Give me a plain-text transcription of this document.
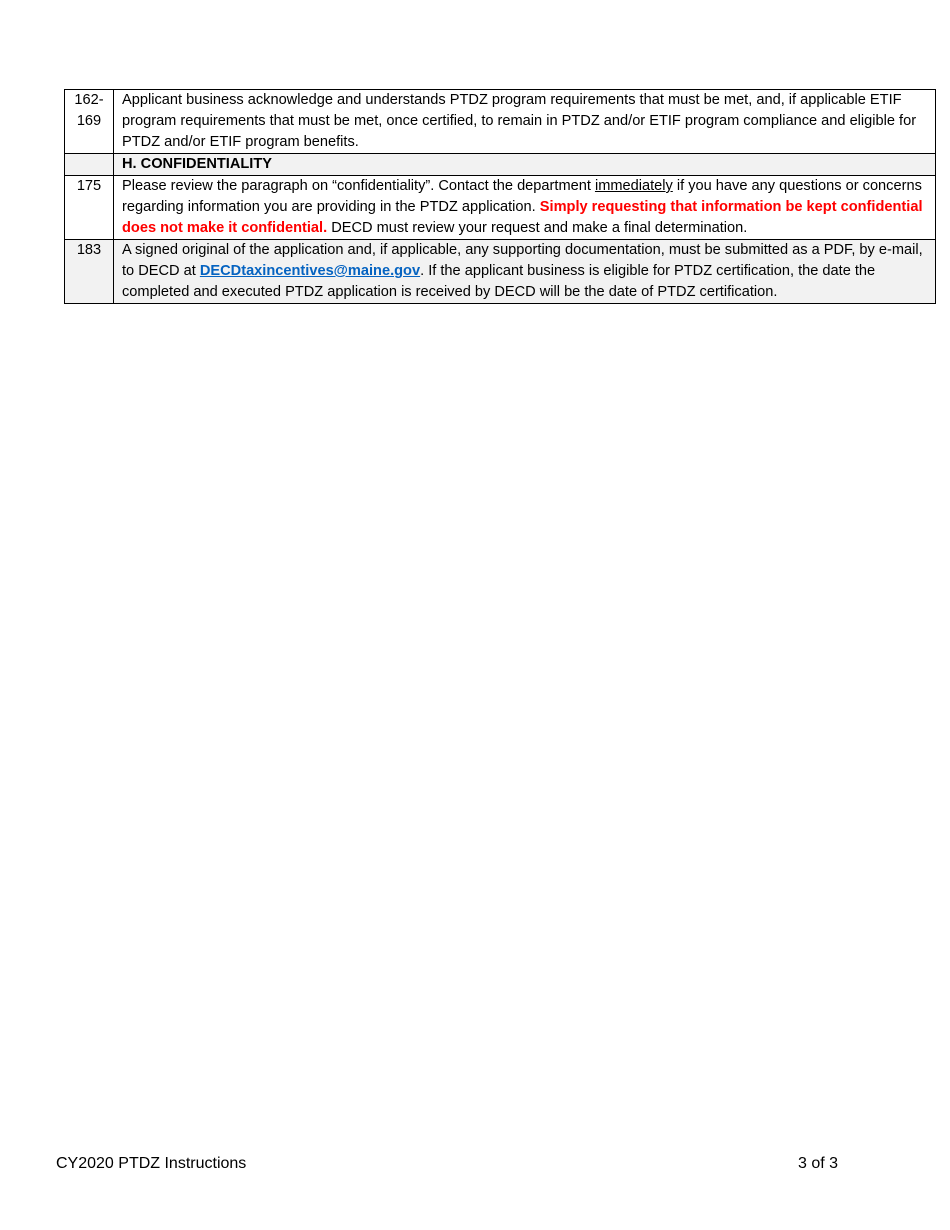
162-
169	Applicant business acknowledge and understands PTDZ program requirements that must be met, and, if applicable ETIF program requirements that must be met, once certified, to remain in PTDZ and/or ETIF program compliance and eligible for PTDZ and/or ETIF program benefits.
	H. CONFIDENTIALITY
175	Please review the paragraph on “confidentiality”. Contact the department immediately if you have any questions or concerns regarding information you are providing in the PTDZ application. Simply requesting that information be kept confidential does not make it confidential. DECD must review your request and make a final determination.
183	A signed original of the application and, if applicable, any supporting documentation, must be submitted as a PDF, by e-mail, to DECD at DECDtaxincentives@maine.gov. If the applicant business is eligible for PTDZ certification, the date the completed and executed PTDZ application is received by DECD will be the date of PTDZ certification.
CY2020 PTDZ Instructions	3 of 3
